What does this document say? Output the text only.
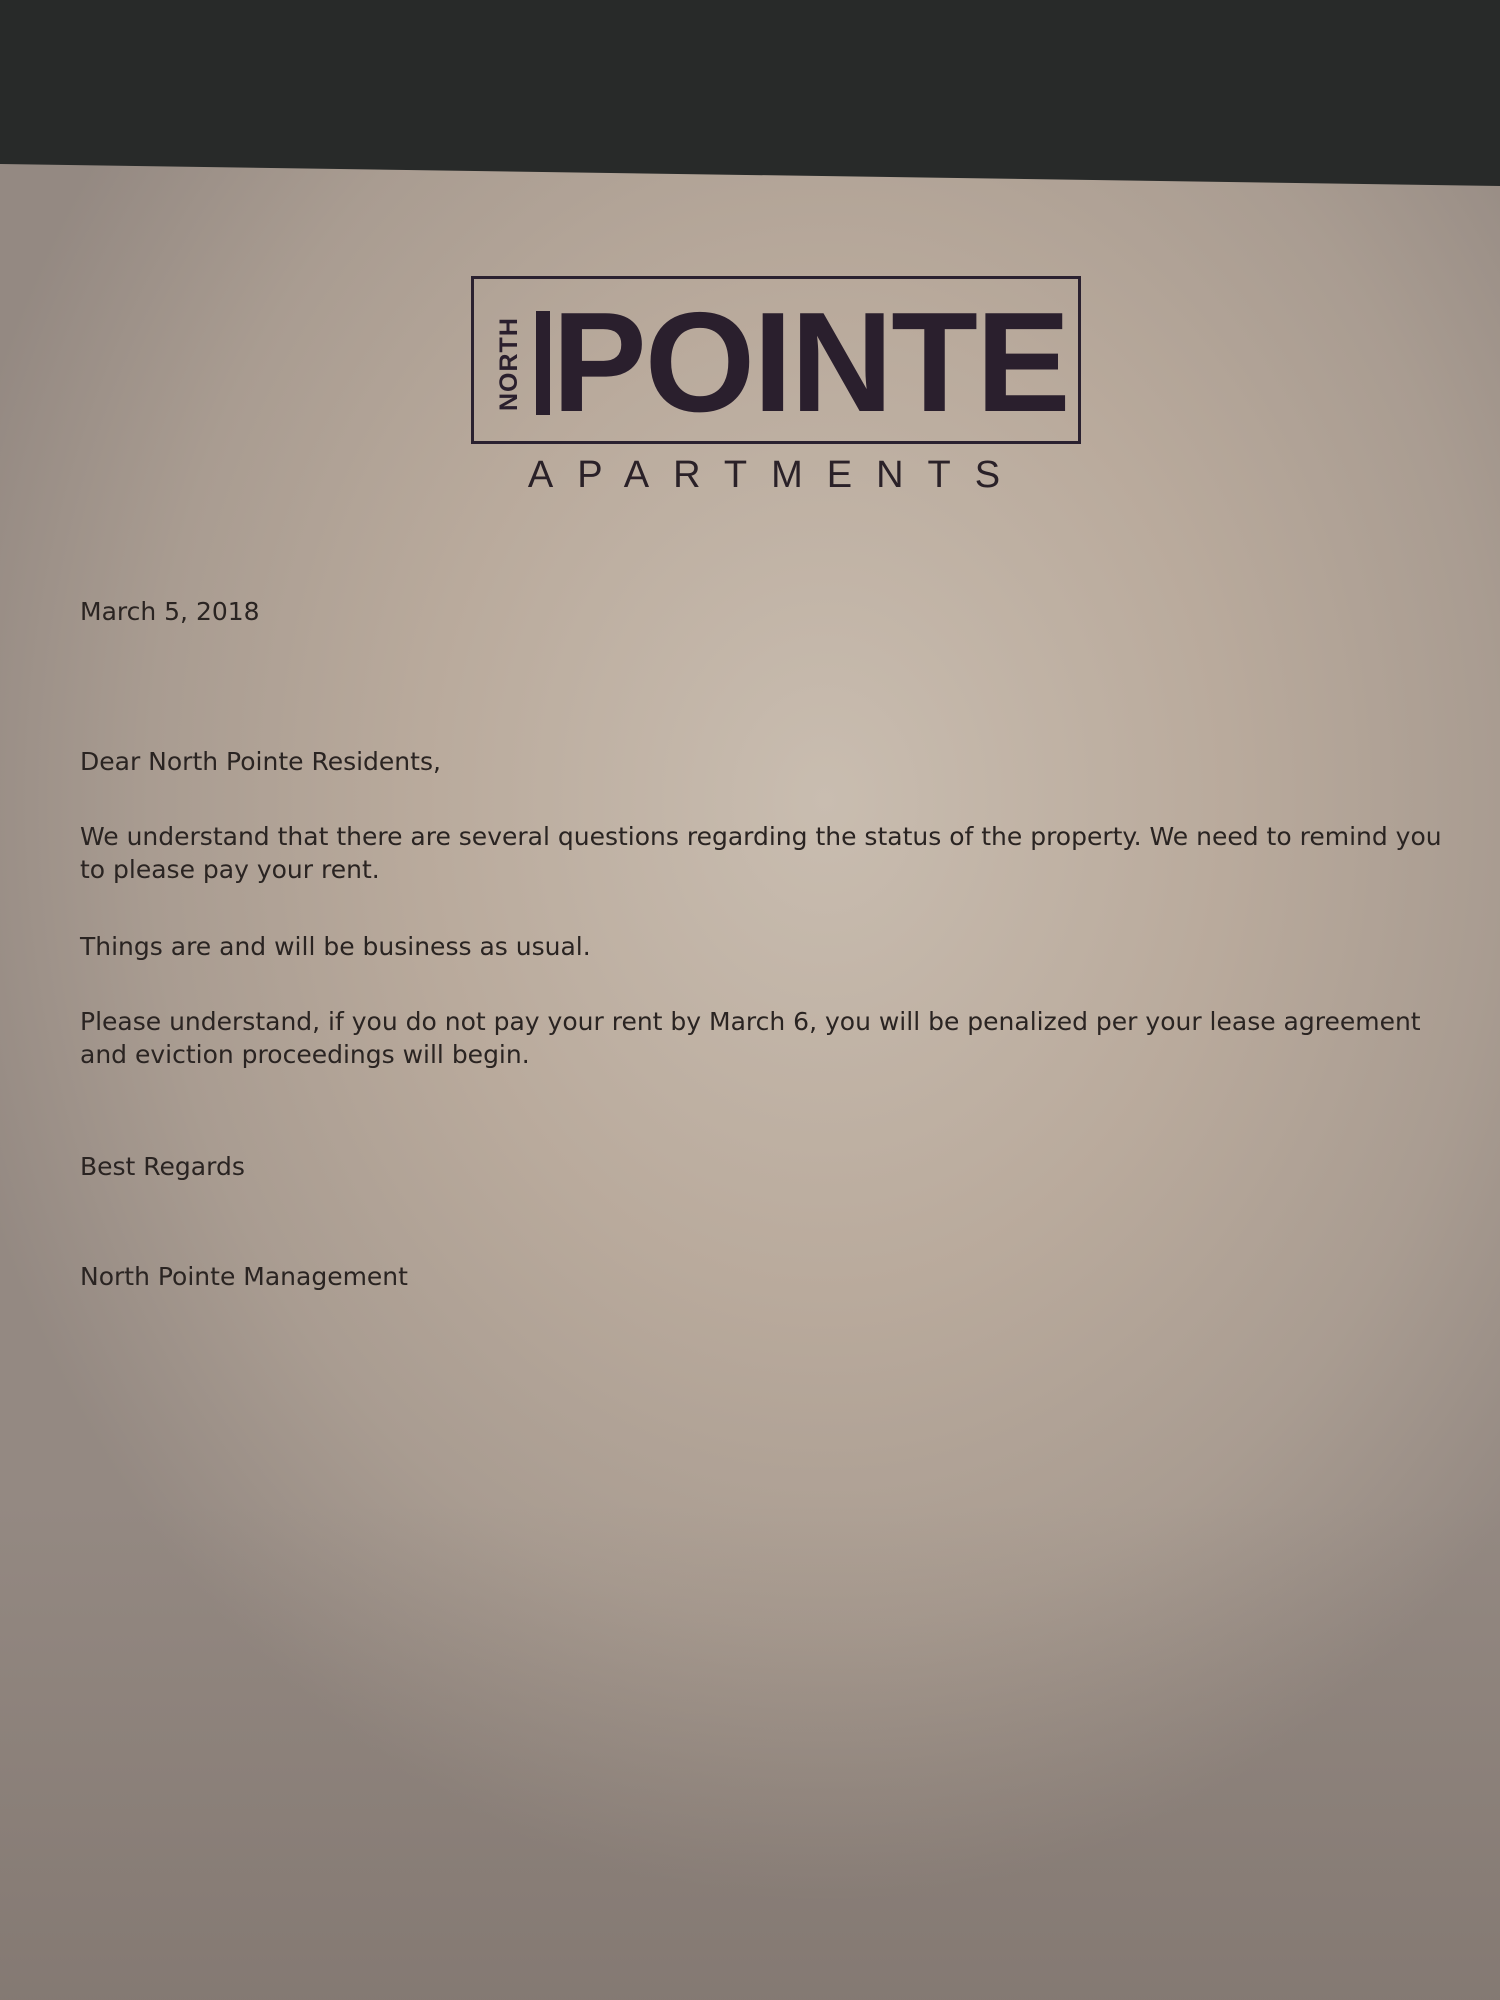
NORTH POINTE
APARTMENTS
March 5, 2018
Dear North Pointe Residents,
We understand that there are several questions regarding the status of the property. We need to remind you to please pay your rent.
Things are and will be business as usual.
Please understand, if you do not pay your rent by March 6, you will be penalized per your lease agreement and eviction proceedings will begin.
Best Regards
North Pointe Management
